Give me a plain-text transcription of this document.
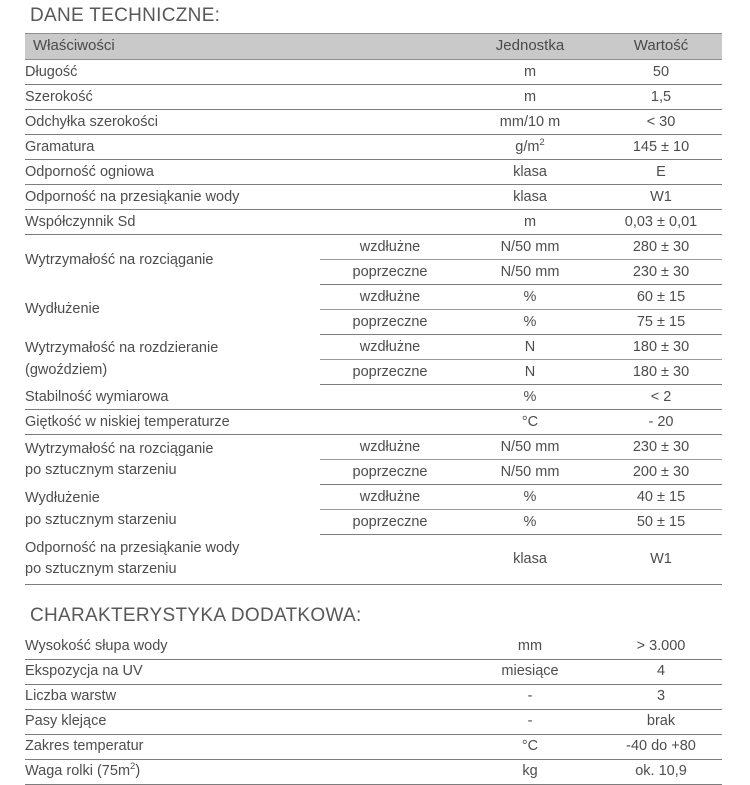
DANE TECHNICZNE:
Właściwości		Jednostka	Wartość
Długość		m	50
Szerokość		m	1,5
Odchyłka szerokości		mm/10 m	< 30
Gramatura		$g/m^2$	145 ± 10
Odporność ogniowa		klasa	E
Odporność na przesiąkanie wody		klasa	W1
Współczynnik Sd		m	0,03 ± 0,01
Wytrzymałość na rozciąganie	wzdłużne	N/50 mm	280 ± 30
	poprzeczne	N/50 mm	230 ± 30
Wydłużenie	wzdłużne	%	60 ± 15
	poprzeczne	%	75 ± 15

Wytrzymałość na rozdzieranie
(gwoździem)	wzdłużne	N	180 ± 30
	poprzeczne	N	180 ± 30
Stabilność wymiarowa		%	< 2
Giętkość w niskiej temperaturze		°C	- 20

Wytrzymałość na rozciąganie
po sztucznym starzeniu	wzdłużne	N/50 mm	230 ± 30
	poprzeczne	N/50 mm	200 ± 30

Wydłużenie
po sztucznym starzeniu	wzdłużne	%	40 ± 15
	poprzeczne	%	50 ± 15

Odporność na przesiąkanie wody
po sztucznym starzeniu		klasa	W1
CHARAKTERYSTYKA DODATKOWA:
Wysokość słupa wody		mm	> 3.000
Ekspozycja na UV		miesiące	4
Liczba warstw		-	3
Pasy klejące		-	brak
Zakres temperatur		°C	-40 do +80
Waga rolki $(75m^2)$		kg	ok. 10,9
